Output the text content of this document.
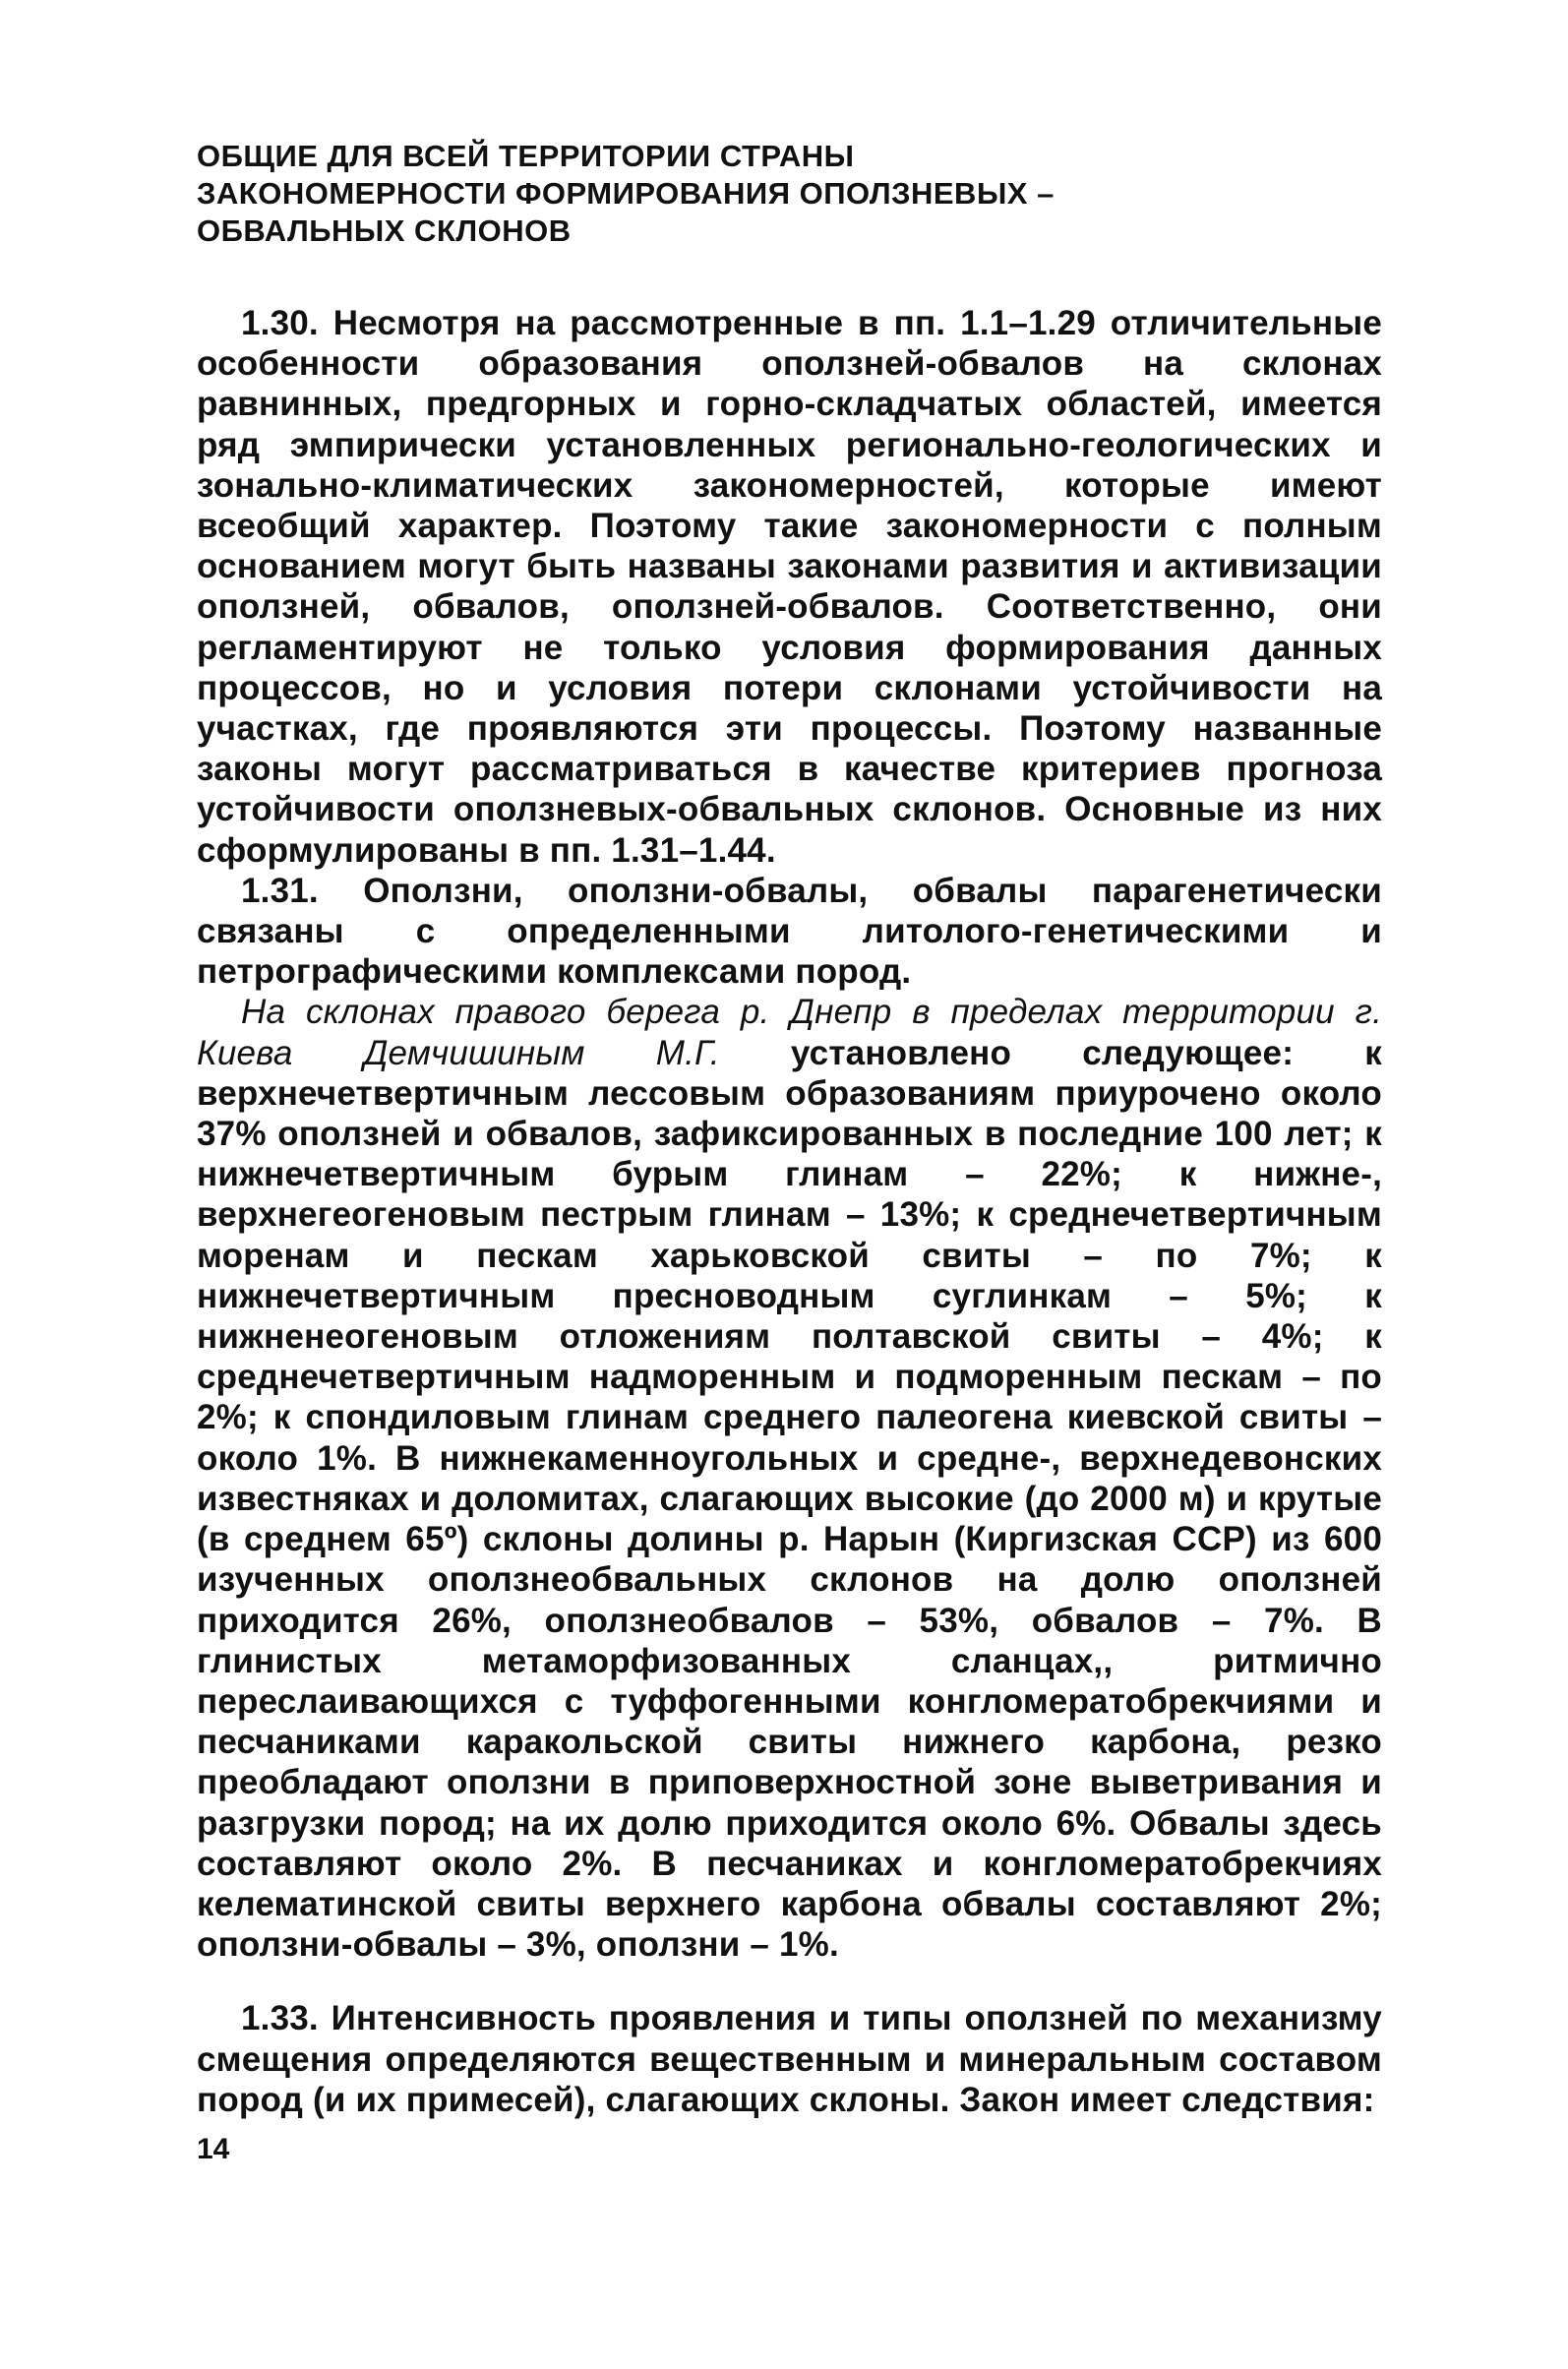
ОБЩИЕ ДЛЯ ВСЕЙ ТЕРРИТОРИИ СТРАНЫ
ЗАКОНОМЕРНОСТИ ФОРМИРОВАНИЯ ОПОЛЗНЕВЫХ –
ОБВАЛЬНЫХ СКЛОНОВ

1.30. Несмотря на рассмотренные в пп. 1.1–1.29 отличительные особенности образования оползней-обвалов на склонах равнинных, предгорных и горно-складчатых областей, имеется ряд эмпирически установленных регионально-геологических и зонально-климатических закономерностей, которые имеют всеобщий характер. Поэтому такие закономерности с полным основанием могут быть названы законами развития и активизации оползней, обвалов, оползней-обвалов. Соответственно, они регламентируют не только условия формирования данных процессов, но и условия потери склонами устойчивости на участках, где проявляются эти процессы. Поэтому названные законы могут рассматриваться в качестве критериев прогноза устойчивости оползневых-обвальных склонов. Основные из них сформулированы в пп. 1.31–1.44.

1.31. Оползни, оползни-обвалы, обвалы парагенетически связаны с определенными литолого-генетическими и петрографическими комплексами пород.

На склонах правого берега р. Днепр в пределах территории г. Киева Демчишиным М.Г. установлено следующее: к верхнечетвертичным лессовым образованиям приурочено около 37% оползней и обвалов, зафиксированных в последние 100 лет; к нижнечетвертичным бурым глинам – 22%; к нижне-, верхнегеогеновым пестрым глинам – 13%; к среднечетвертичным моренам и пескам харьковской свиты – по 7%; к нижнечетвертичным пресноводным суглинкам – 5%; к нижненеогеновым отложениям полтавской свиты – 4%; к среднечетвертичным надморенным и подморенным пескам – по 2%; к спондиловым глинам среднего палеогена киевской свиты – около 1%. В нижнекаменноугольных и средне-, верхнедевонских известняках и доломитах, слагающих высокие (до 2000 м) и крутые (в среднем 65º) склоны долины р. Нарын (Киргизская ССР) из 600 изученных оползнеобвальных склонов на долю оползней приходится 26%, оползнеобвалов – 53%, обвалов – 7%. В глинистых метаморфизованных сланцах,, ритмично переслаивающихся с туффогенными конгломератобрекчиями и песчаниками каракольской свиты нижнего карбона, резко преобладают оползни в приповерхностной зоне выветривания и разгрузки пород; на их долю приходится около 6%. Обвалы здесь составляют около 2%. В песчаниках и конгломератобрекчиях келематинской свиты верхнего карбона обвалы составляют 2%; оползни-обвалы – 3%, оползни – 1%.

1.33. Интенсивность проявления и типы оползней по механизму смещения определяются вещественным и минеральным составом пород (и их примесей), слагающих склоны. Закон имеет следствия:

14
